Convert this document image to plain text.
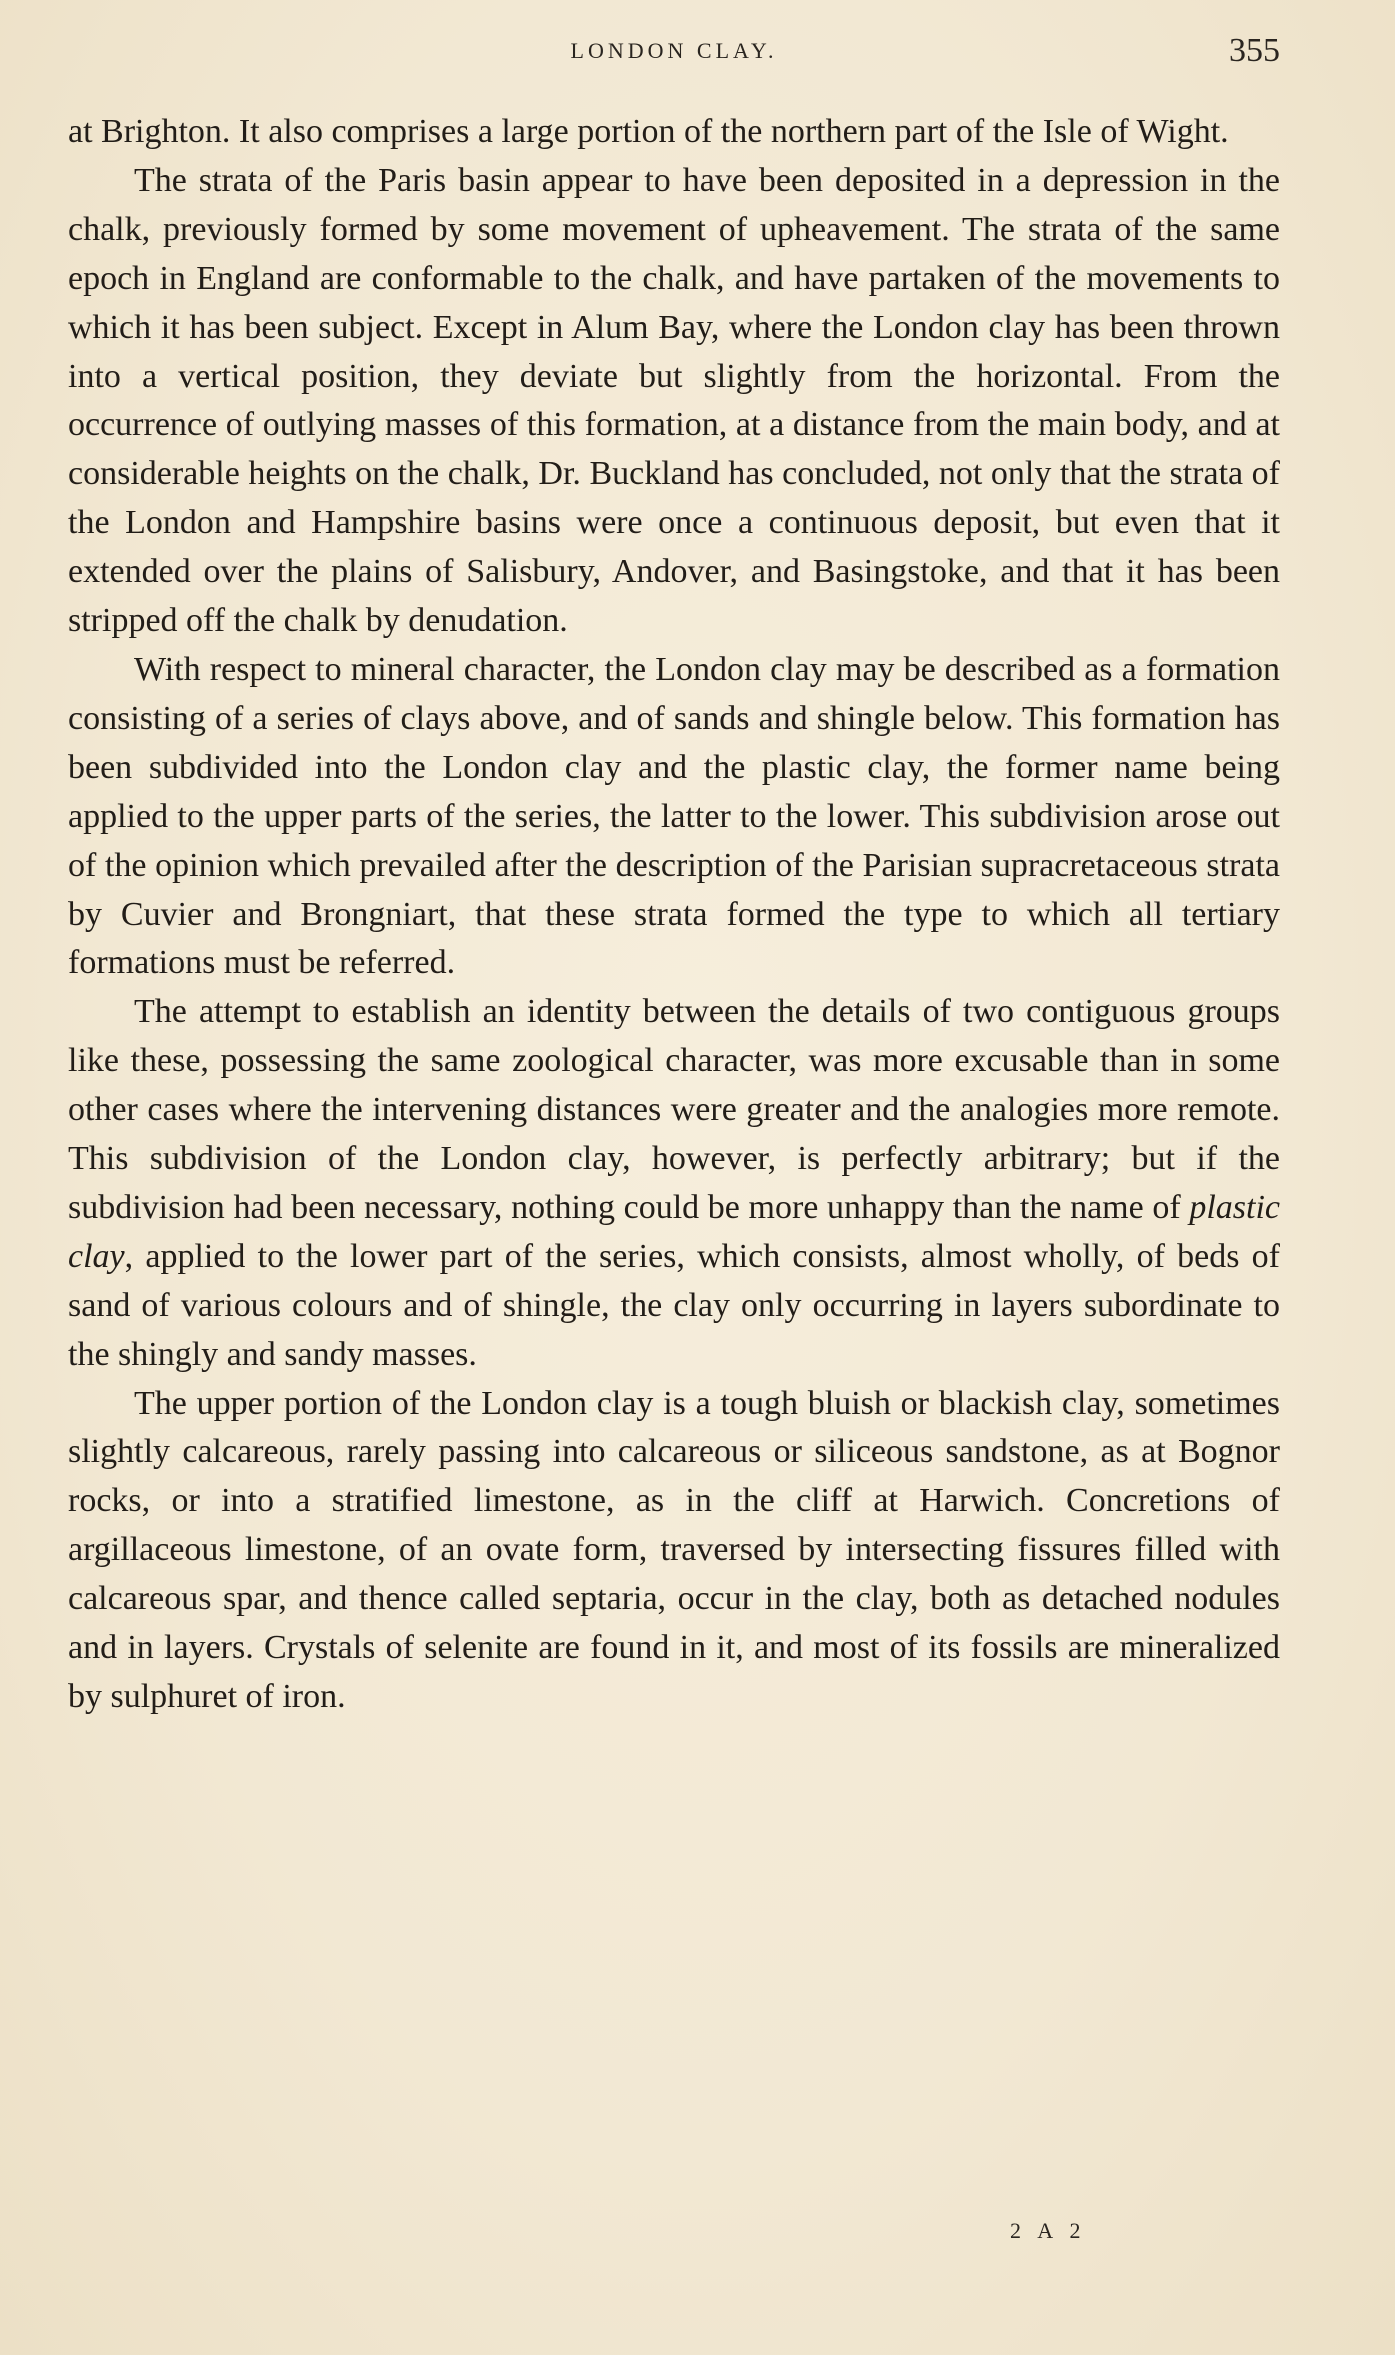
LONDON CLAY.	355

at Brighton. It also comprises a large portion of the northern part of the Isle of Wight.

The strata of the Paris basin appear to have been deposited in a depression in the chalk, previously formed by some movement of upheavement. The strata of the same epoch in England are conformable to the chalk, and have partaken of the movements to which it has been subject. Except in Alum Bay, where the London clay has been thrown into a vertical position, they deviate but slightly from the horizontal. From the occurrence of outlying masses of this formation, at a distance from the main body, and at considerable heights on the chalk, Dr. Buckland has concluded, not only that the strata of the London and Hampshire basins were once a continuous deposit, but even that it extended over the plains of Salisbury, Andover, and Basingstoke, and that it has been stripped off the chalk by denudation.

With respect to mineral character, the London clay may be described as a formation consisting of a series of clays above, and of sands and shingle below. This formation has been subdivided into the London clay and the plastic clay, the former name being applied to the upper parts of the series, the latter to the lower. This subdivision arose out of the opinion which prevailed after the description of the Parisian supracretaceous strata by Cuvier and Brongniart, that these strata formed the type to which all tertiary formations must be referred.

The attempt to establish an identity between the details of two contiguous groups like these, possessing the same zoological character, was more excusable than in some other cases where the intervening distances were greater and the analogies more remote. This subdivision of the London clay, however, is perfectly arbitrary; but if the subdivision had been necessary, nothing could be more unhappy than the name of plastic clay, applied to the lower part of the series, which consists, almost wholly, of beds of sand of various colours and of shingle, the clay only occurring in layers subordinate to the shingly and sandy masses.

The upper portion of the London clay is a tough bluish or blackish clay, sometimes slightly calcareous, rarely passing into calcareous or siliceous sandstone, as at Bognor rocks, or into a stratified limestone, as in the cliff at Harwich. Concretions of argillaceous limestone, of an ovate form, traversed by intersecting fissures filled with calcareous spar, and thence called septaria, occur in the clay, both as detached nodules and in layers. Crystals of selenite are found in it, and most of its fossils are mineralized by sulphuret of iron.

2 A 2
